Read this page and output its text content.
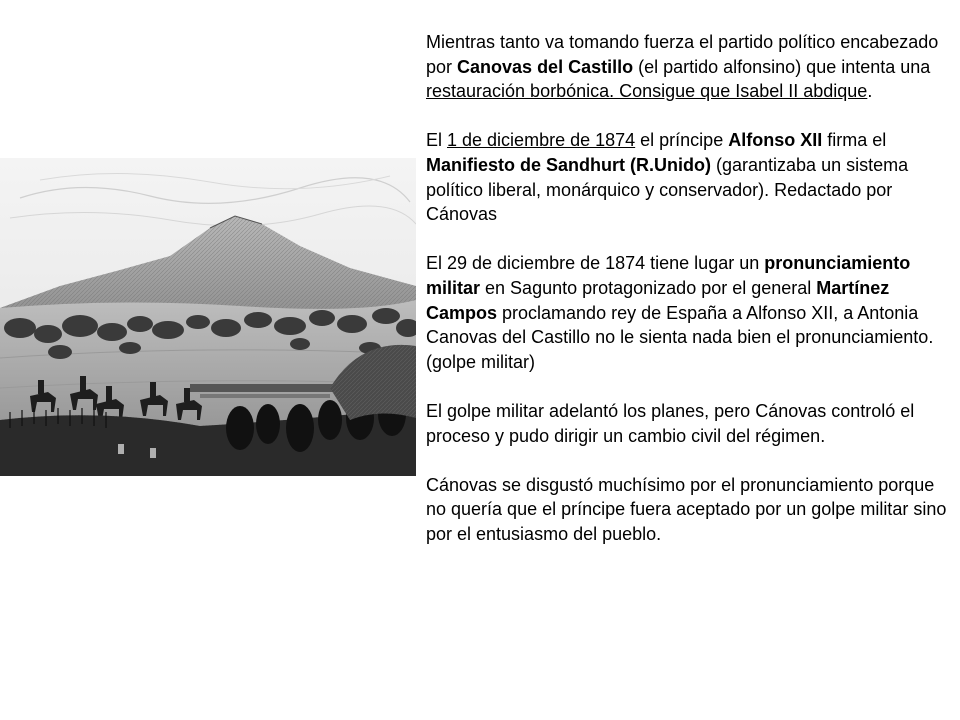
Mientras tanto va tomando fuerza el partido político encabezado por Canovas del Castillo (el partido alfonsino) que intenta una restauración borbónica. Consigue que Isabel II abdique.

El 1 de diciembre de 1874 el príncipe Alfonso XII firma el Manifiesto de Sandhurt (R.Unido) (garantizaba un sistema político liberal, monárquico y conservador). Redactado por Cánovas

El 29 de diciembre de 1874 tiene lugar un pronunciamiento militar en Sagunto protagonizado por el general Martínez Campos proclamando rey de España a Alfonso XII, a Antonia Canovas del Castillo no le sienta nada bien el pronunciamiento. (golpe militar)

El golpe militar adelantó los planes, pero Cánovas controló el proceso y pudo dirigir un cambio civil del régimen.

Cánovas se disgustó muchísimo por el pronunciamiento porque no quería que el príncipe fuera aceptado por un golpe militar sino por el entusiasmo del pueblo.
